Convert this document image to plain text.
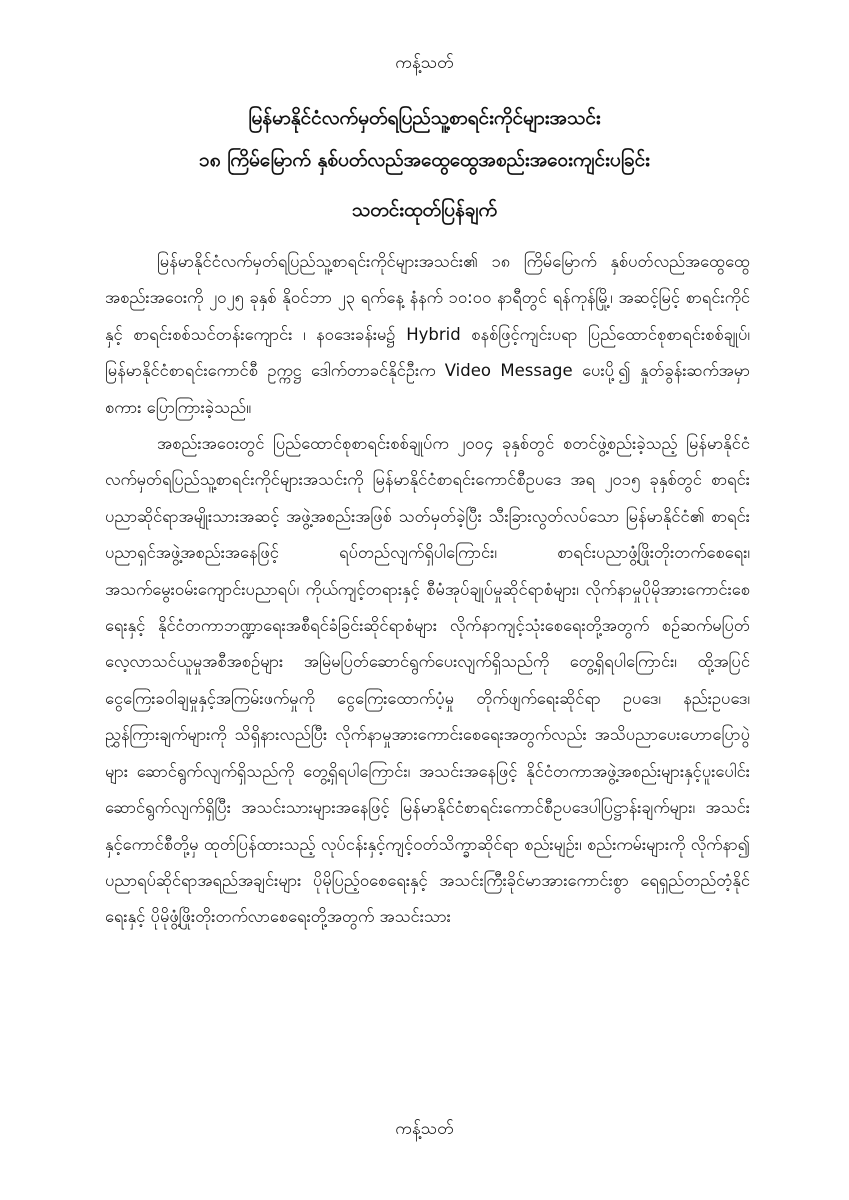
ကန့်သတ်
မြန်မာနိုင်ငံလက်မှတ်ရပြည်သူ့စာရင်းကိုင်များအသင်း
၁၈ ကြိမ်မြောက် နှစ်ပတ်လည်အထွေထွေအစည်းအဝေးကျင်းပခြင်း
သတင်းထုတ်ပြန်ချက်

မြန်မာနိုင်ငံလက်မှတ်ရပြည်သူ့စာရင်းကိုင်များအသင်း၏ ၁၈ ကြိမ်မြောက် နှစ်ပတ်လည်အထွေထွေအစည်းအဝေးကို ၂၀၂၅ ခုနှစ် နိုဝင်ဘာ ၂၃ ရက်နေ့ နံနက် ၁၀:၀၀ နာရီတွင် ရန်ကုန်မြို့၊ အဆင့်မြင့် စာရင်းကိုင်နှင့် စာရင်းစစ်သင်တန်းကျောင်း ၊ နဝဒေးခန်းမ၌ Hybrid စနစ်ဖြင့်ကျင်းပရာ ပြည်ထောင်စုစာရင်းစစ်ချုပ်၊ မြန်မာနိုင်ငံစာရင်းကောင်စီ ဥက္ကဋ္ဌ ဒေါက်တာခင်နိုင်ဦးက Video Message ပေးပို့၍ နှုတ်ခွန်းဆက်အမှာစကား ပြောကြားခဲ့သည်။

အစည်းအဝေးတွင် ပြည်ထောင်စုစာရင်းစစ်ချုပ်က ၂၀၀၄ ခုနှစ်တွင် စတင်ဖွဲ့စည်းခဲ့သည့် မြန်မာနိုင်ငံလက်မှတ်ရပြည်သူ့စာရင်းကိုင်များအသင်းကို မြန်မာနိုင်ငံစာရင်းကောင်စီဥပဒေ အရ ၂၀၁၅ ခုနှစ်တွင် စာရင်းပညာဆိုင်ရာအမျိုးသားအဆင့် အဖွဲ့အစည်းအဖြစ် သတ်မှတ်ခဲ့ပြီး သီးခြားလွတ်လပ်သော မြန်မာနိုင်ငံ၏ စာရင်းပညာရှင်အဖွဲ့အစည်းအနေဖြင့် ရပ်တည်လျက်ရှိပါကြောင်း၊ စာရင်းပညာဖွံ့ဖြိုးတိုးတက်စေရေး၊ အသက်မွေးဝမ်းကျောင်းပညာရပ်၊ ကိုယ်ကျင့်တရားနှင့် စီမံအုပ်ချုပ်မှုဆိုင်ရာစံများ၊ လိုက်နာမှုပိုမိုအားကောင်းစေရေးနှင့် နိုင်ငံတကာဘဏ္ဍာရေးအစီရင်ခံခြင်းဆိုင်ရာစံများ လိုက်နာကျင့်သုံးစေရေးတို့အတွက် စဉ်ဆက်မပြတ်လေ့လာသင်ယူမှုအစီအစဉ်များ အမြဲမပြတ်ဆောင်ရွက်ပေးလျက်ရှိသည်ကို တွေ့ရှိရပါကြောင်း၊ ထို့အပြင် ငွေကြေးခဝါချမှုနှင့်အကြမ်းဖက်မှုကို ငွေကြေးထောက်ပံ့မှု တိုက်ဖျက်ရေးဆိုင်ရာ ဥပဒေ၊ နည်းဥပဒေ၊ ညွှန်ကြားချက်များကို သိရှိနားလည်ပြီး လိုက်နာမှုအားကောင်းစေရေးအတွက်လည်း အသိပညာပေးဟောပြောပွဲများ ဆောင်ရွက်လျက်ရှိသည်ကို တွေ့ရှိရပါကြောင်း၊ အသင်းအနေဖြင့် နိုင်ငံတကာအဖွဲ့အစည်းများနှင့်ပူးပေါင်းဆောင်ရွက်လျက်ရှိပြီး အသင်းသားများအနေဖြင့် မြန်မာနိုင်ငံစာရင်းကောင်စီဥပဒေပါပြဋ္ဌာန်းချက်များ၊ အသင်းနှင့်ကောင်စီတို့မှ ထုတ်ပြန်ထားသည့် လုပ်ငန်းနှင့်ကျင့်ဝတ်သိက္ခာဆိုင်ရာ စည်းမျဉ်း၊ စည်းကမ်းများကို လိုက်နာ၍ ပညာရပ်ဆိုင်ရာအရည်အချင်းများ ပိုမိုပြည့်ဝစေရေးနှင့် အသင်းကြီးခိုင်မာအားကောင်းစွာ ရေရှည်တည်တံ့နိုင်ရေးနှင့် ပိုမိုဖွံ့ဖြိုးတိုးတက်လာစေရေးတို့အတွက် အသင်းသား

ကန့်သတ်
